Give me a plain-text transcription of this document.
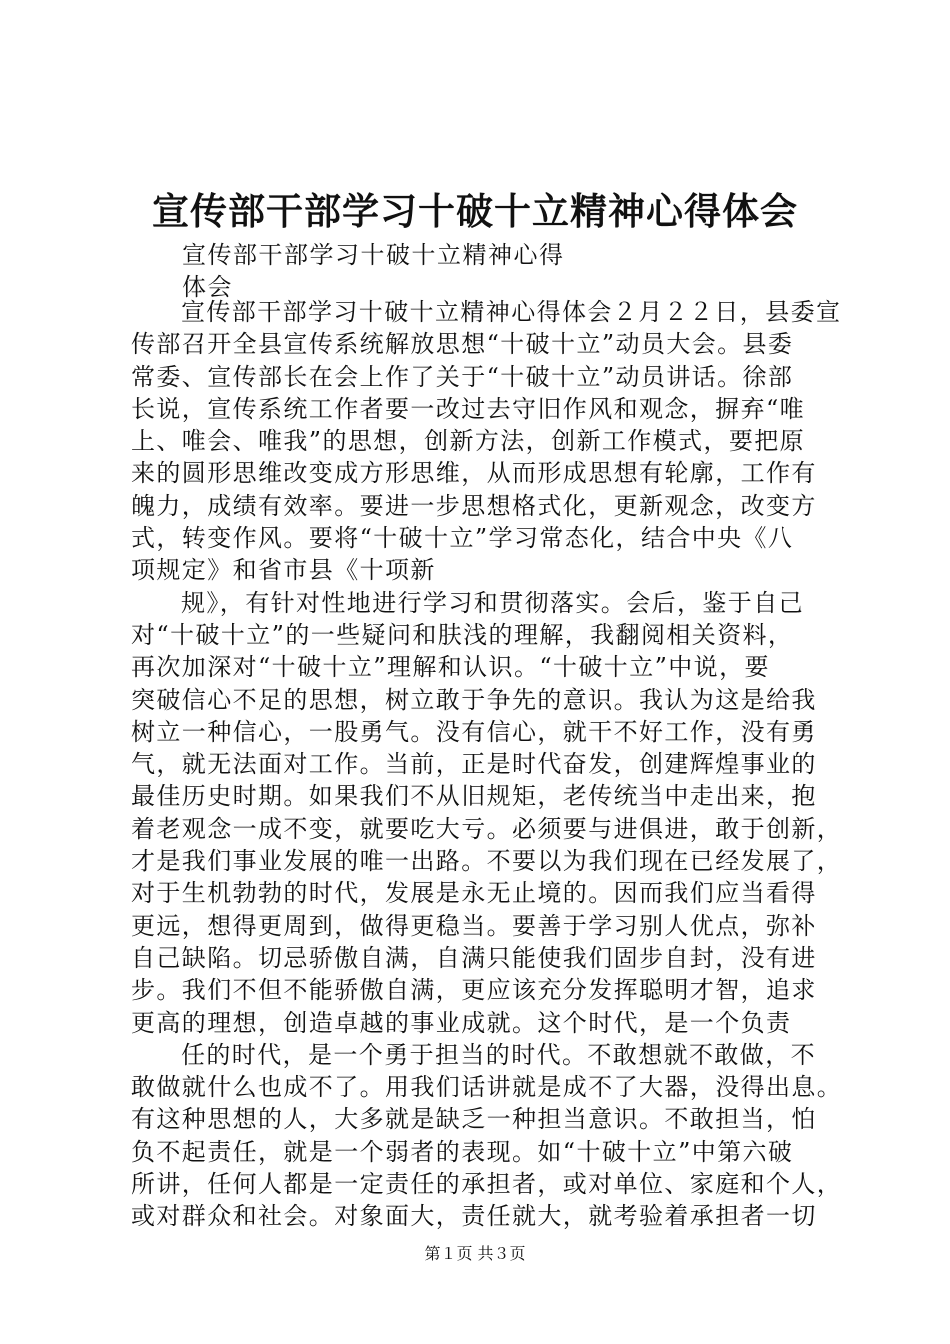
宣传部干部学习十破十立精神心得体会
宣传部干部学习十破十立精神心得
体会
宣传部干部学习十破十立精神心得体会２月２２日，县委宣
传部召开全县宣传系统解放思想“十破十立”动员大会。县委
常委、宣传部长在会上作了关于“十破十立”动员讲话。徐部
长说，宣传系统工作者要一改过去守旧作风和观念，摒弃“唯
上、唯会、唯我”的思想，创新方法，创新工作模式，要把原
来的圆形思维改变成方形思维，从而形成思想有轮廓，工作有
魄力，成绩有效率。要进一步思想格式化，更新观念，改变方
式，转变作风。要将“十破十立”学习常态化，结合中央《八
项规定》和省市县《十项新
规》，有针对性地进行学习和贯彻落实。会后，鉴于自己
对“十破十立”的一些疑问和肤浅的理解，我翻阅相关资料，
再次加深对“十破十立”理解和认识。“十破十立”中说，要
突破信心不足的思想，树立敢于争先的意识。我认为这是给我
树立一种信心，一股勇气。没有信心，就干不好工作，没有勇
气，就无法面对工作。当前，正是时代奋发，创建辉煌事业的
最佳历史时期。如果我们不从旧规矩，老传统当中走出来，抱
着老观念一成不变，就要吃大亏。必须要与进俱进，敢于创新，
才是我们事业发展的唯一出路。不要以为我们现在已经发展了，
对于生机勃勃的时代，发展是永无止境的。因而我们应当看得
更远，想得更周到，做得更稳当。要善于学习别人优点，弥补
自己缺陷。切忌骄傲自满，自满只能使我们固步自封，没有进
步。我们不但不能骄傲自满，更应该充分发挥聪明才智，追求
更高的理想，创造卓越的事业成就。这个时代，是一个负责
任的时代，是一个勇于担当的时代。不敢想就不敢做，不
敢做就什么也成不了。用我们话讲就是成不了大器，没得出息。
有这种思想的人，大多就是缺乏一种担当意识。不敢担当，怕
负不起责任，就是一个弱者的表现。如“十破十立”中第六破
所讲，任何人都是一定责任的承担者，或对单位、家庭和个人，
或对群众和社会。对象面大，责任就大，就考验着承担者一切
第１页 共３页
